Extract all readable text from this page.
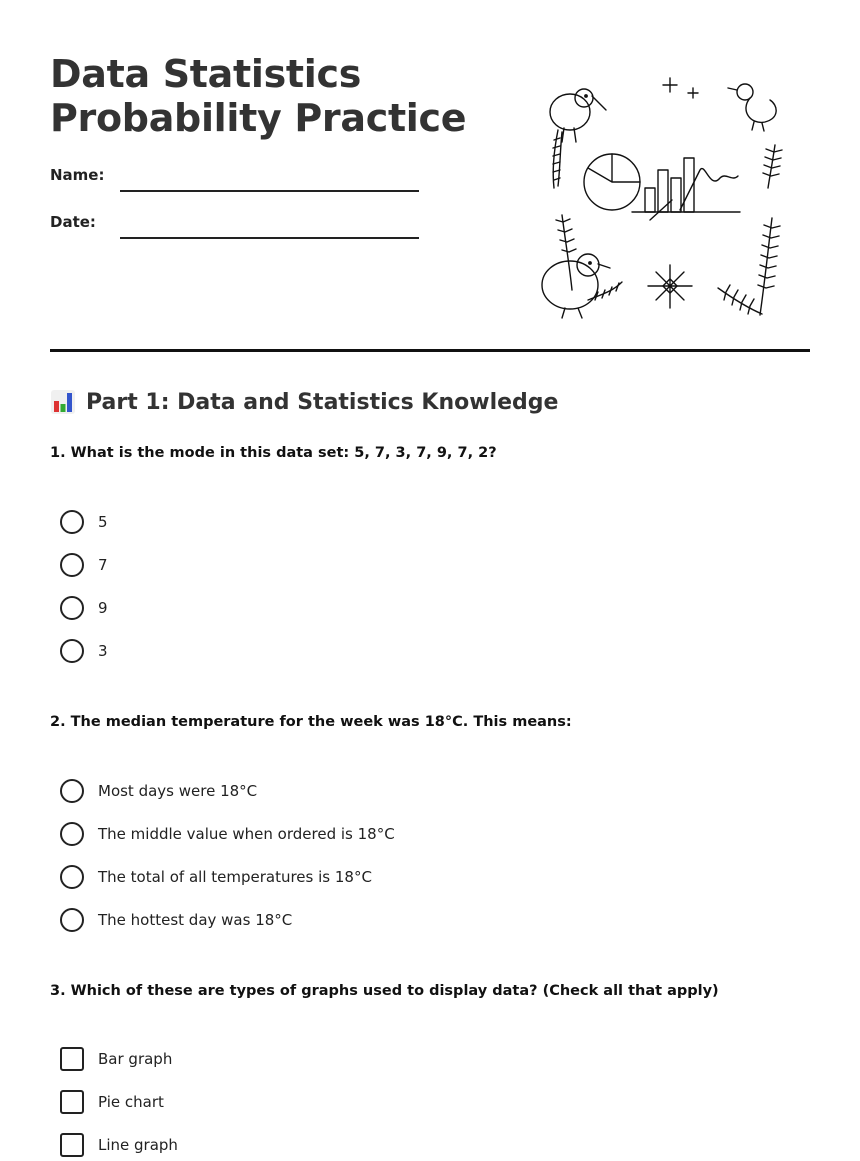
Data Statistics
Probability Practice
Name:
Date:
Part 1: Data and Statistics Knowledge

1. What is the mode in this data set: 5, 7, 3, 7, 9, 7, 2?

5
7
9
3

2. The median temperature for the week was 18°C. This means:

Most days were 18°C
The middle value when ordered is 18°C
The total of all temperatures is 18°C
The hottest day was 18°C

3. Which of these are types of graphs used to display data? (Check all that apply)

Bar graph
Pie chart
Line graph
